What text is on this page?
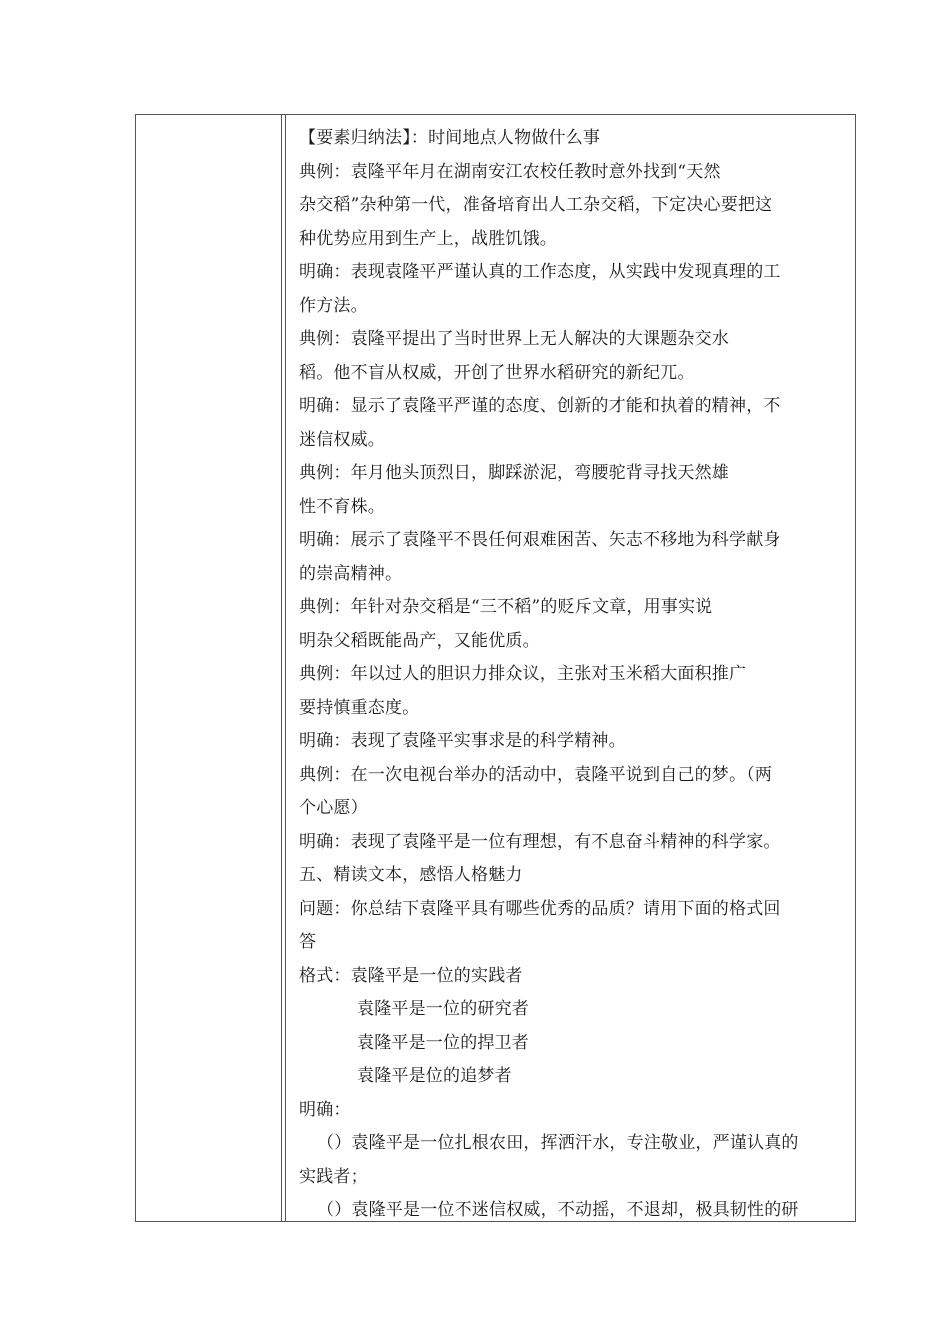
【要素归纳法】：时间地点人物做什么事
典例：袁隆平年月在湖南安江农校任教时意外找到“天然
杂交稻”杂种第一代，准备培育出人工杂交稻，下定决心要把这
种优势应用到生产上，战胜饥饿。
明确：表现袁隆平严谨认真的工作态度，从实践中发现真理的工
作方法。
典例：袁隆平提出了当时世界上无人解决的大课题杂交水
稻。他不盲从权威，开创了世界水稻研究的新纪兀。
明确：显示了袁隆平严谨的态度、创新的才能和执着的精神，不
迷信权威。
典例：年月他头顶烈日，脚踩淤泥，弯腰驼背寻找天然雄
性不育株。
明确：展示了袁隆平不畏任何艰难困苦、矢志不移地为科学献身
的崇高精神。
典例：年针对杂交稻是“三不稻”的贬斥文章，用事实说
明杂父稻既能咼产，又能优质。
典例：年以过人的胆识力排众议，主张对玉米稻大面积推广
要持慎重态度。
明确：表现了袁隆平实事求是的科学精神。
典例：在一次电视台举办的活动中，袁隆平说到自己的梦。（两
个心愿）
明确：表现了袁隆平是一位有理想，有不息奋斗精神的科学家。
五、精读文本，感悟人格魅力
问题：你总结下袁隆平具有哪些优秀的品质？请用下面的格式回
答
格式：袁隆平是一位的实践者
袁隆平是一位的研究者
袁隆平是一位的捍卫者
袁隆平是位的追梦者
明确：
（）袁隆平是一位扎根农田，挥洒汗水，专注敬业，严谨认真的
实践者；
（）袁隆平是一位不迷信权威，不动摇，不退却，极具韧性的研
